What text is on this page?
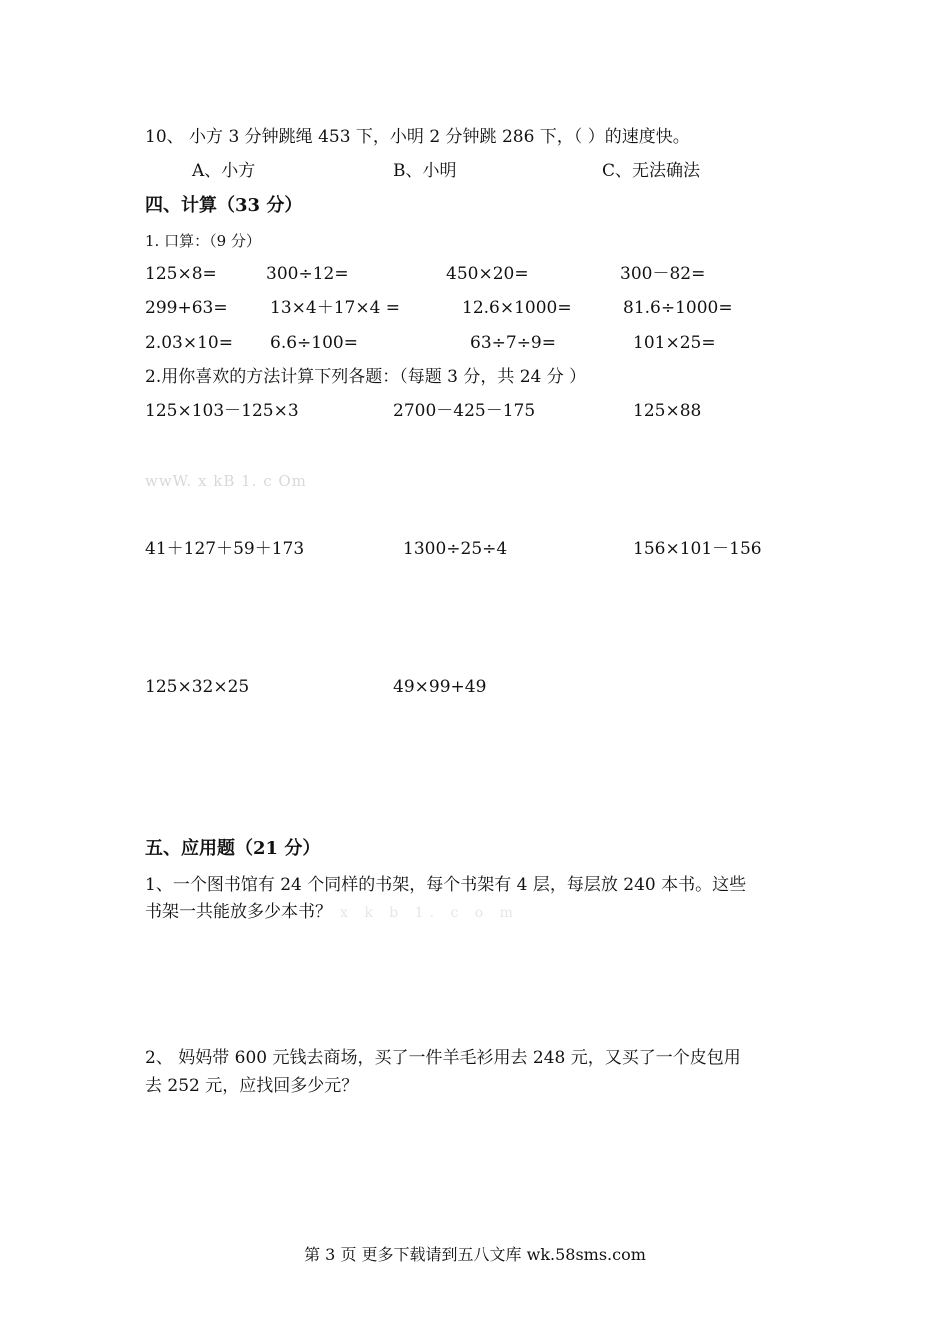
10、 小方 3 分钟跳绳 453 下，小明 2 分钟跳 286 下，（ ）的速度快。
A、小方	B、小明	C、无法确法
四、计算（33 分）
1. 口算：（9 分）
125×8=	300÷12=	450×20=	300－82=
299+63= 13×4＋17×4 =	12.6×1000=	81.6÷1000=
2.03×10= 6.6÷100=	63÷7÷9=	101×25=
2.用你喜欢的方法计算下列各题：（每题 3 分，共 24 分 ）
125×103－125×3	2700－425－175	125×88
wwW. x kB 1. c Om
41＋127＋59＋173	1300÷25÷4	156×101－156
125×32×25	49×99+49
五、应用题（21 分）
1、一个图书馆有 24 个同样的书架，每个书架有 4 层，每层放 240 本书。这些
书架一共能放多少本书？ x k b 1. c o m
2、 妈妈带 600 元钱去商场，买了一件羊毛衫用去 248 元，又买了一个皮包用
去 252 元，应找回多少元？
第 3 页 更多下载请到五八文库 wk.58sms.com
